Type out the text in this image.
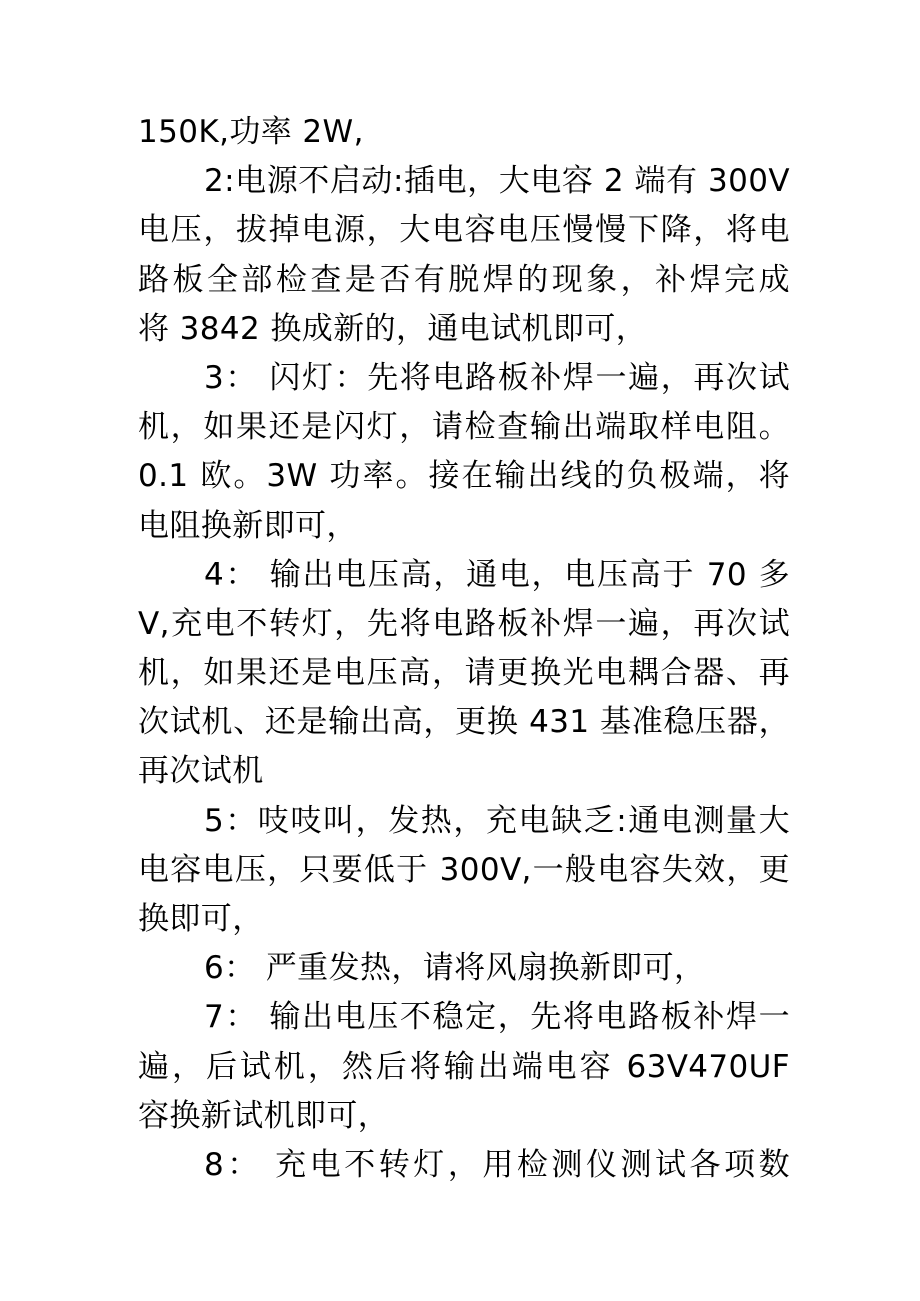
150K,功率 2W,
2:电源不启动:插电，大电容 2 端有 300V
电压，拔掉电源，大电容电压慢慢下降，将电
路板全部检查是否有脱焊的现象，补焊完成
将 3842 换成新的，通电试机即可，
3： 闪灯：先将电路板补焊一遍，再次试
机，如果还是闪灯，请检查输出端取样电阻。
0.1 欧。3W 功率。接在输出线的负极端，将
电阻换新即可，
4： 输出电压高，通电，电压高于 70 多
V,充电不转灯，先将电路板补焊一遍，再次试
机，如果还是电压高，请更换光电耦合器、再
次试机、还是输出高，更换 431 基准稳压器，
再次试机
5：吱吱叫，发热，充电缺乏:通电测量大
电容电压，只要低于 300V,一般电容失效，更
换即可，
6： 严重发热，请将风扇换新即可，
7： 输出电压不稳定，先将电路板补焊一
遍，后试机，然后将输出端电容 63V470UF
容换新试机即可，
8： 充电不转灯，用检测仪测试各项数
